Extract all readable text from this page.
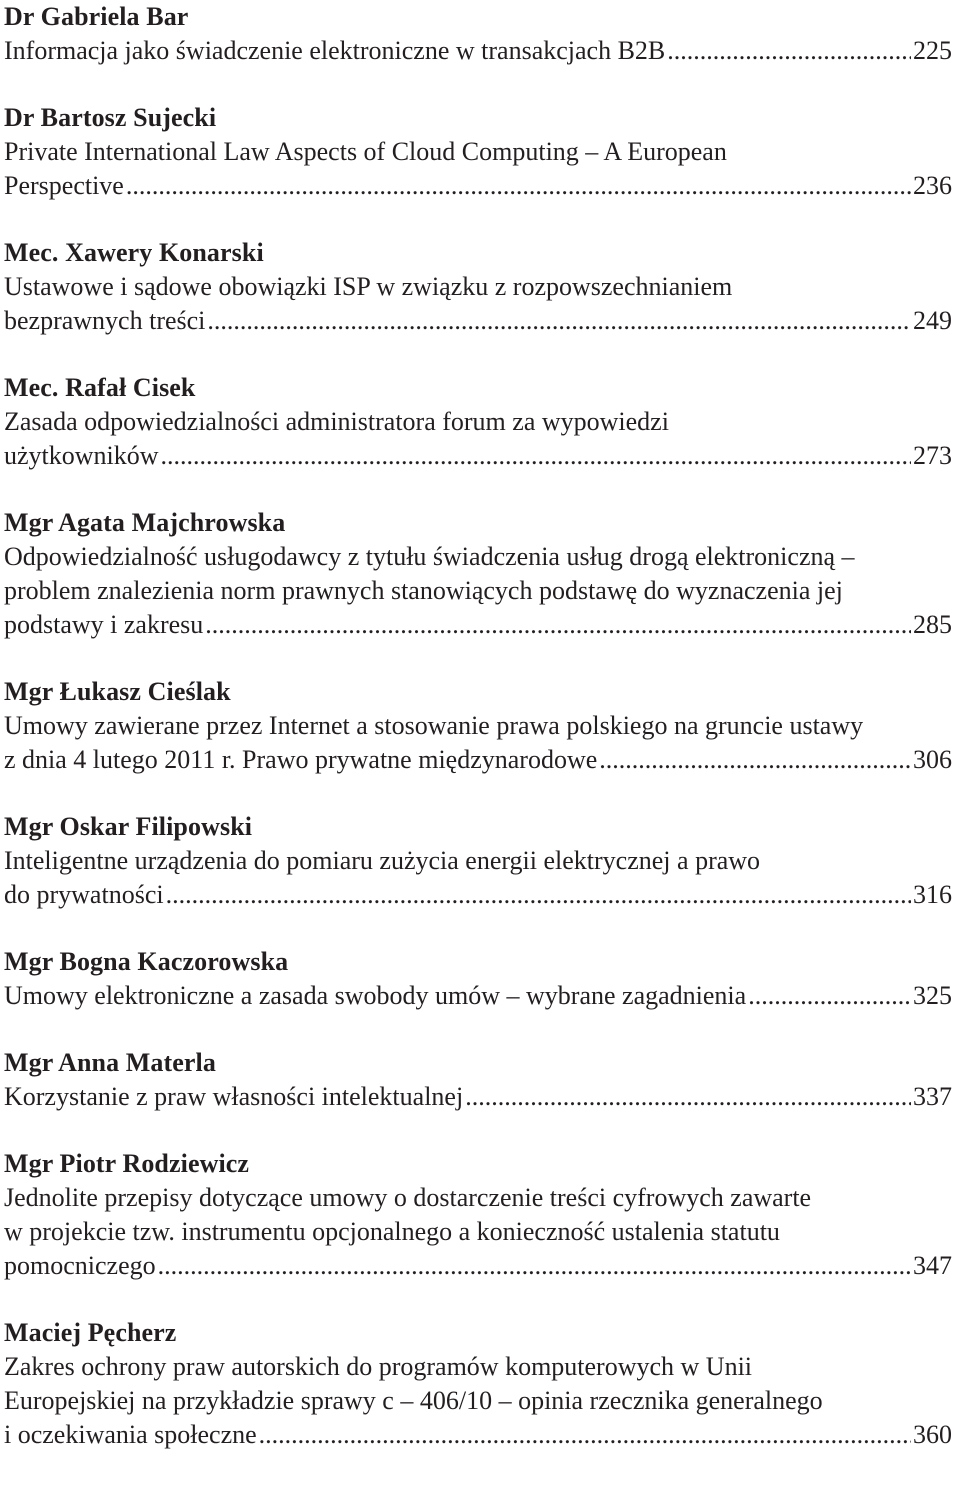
Dr Gabriela Bar
Informacja jako świadczenie elektroniczne w transakcjach B2B .....	225
Dr Bartosz Sujecki
Private International Law Aspects of Cloud Computing – A European
Perspective .....	236
Mec. Xawery Konarski
Ustawowe i sądowe obowiązki ISP w związku z rozpowszechnianiem
bezprawnych treści .....	249
Mec. Rafał Cisek
Zasada odpowiedzialności administratora forum za wypowiedzi
użytkowników .....	273
Mgr Agata Majchrowska
Odpowiedzialność usługodawcy z tytułu świadczenia usług drogą elektroniczną –
problem znalezienia norm prawnych stanowiących podstawę do wyznaczenia jej
podstawy i zakresu .....	285
Mgr Łukasz Cieślak
Umowy zawierane przez Internet a stosowanie prawa polskiego na gruncie ustawy
z dnia 4 lutego 2011 r. Prawo prywatne międzynarodowe .....	306
Mgr Oskar Filipowski
Inteligentne urządzenia do pomiaru zużycia energii elektrycznej a prawo
do prywatności .....	316
Mgr Bogna Kaczorowska
Umowy elektroniczne a zasada swobody umów – wybrane zagadnienia .....	325
Mgr Anna Materla
Korzystanie z praw własności intelektualnej .....	337
Mgr Piotr Rodziewicz
Jednolite przepisy dotyczące umowy o dostarczenie treści cyfrowych zawarte
w projekcie tzw. instrumentu opcjonalnego a konieczność ustalenia statutu
pomocniczego .....	347
Maciej Pęcherz
Zakres ochrony praw autorskich do programów komputerowych w Unii
Europejskiej na przykładzie sprawy c – 406/10 – opinia rzecznika generalnego
i oczekiwania społeczne .....	360
